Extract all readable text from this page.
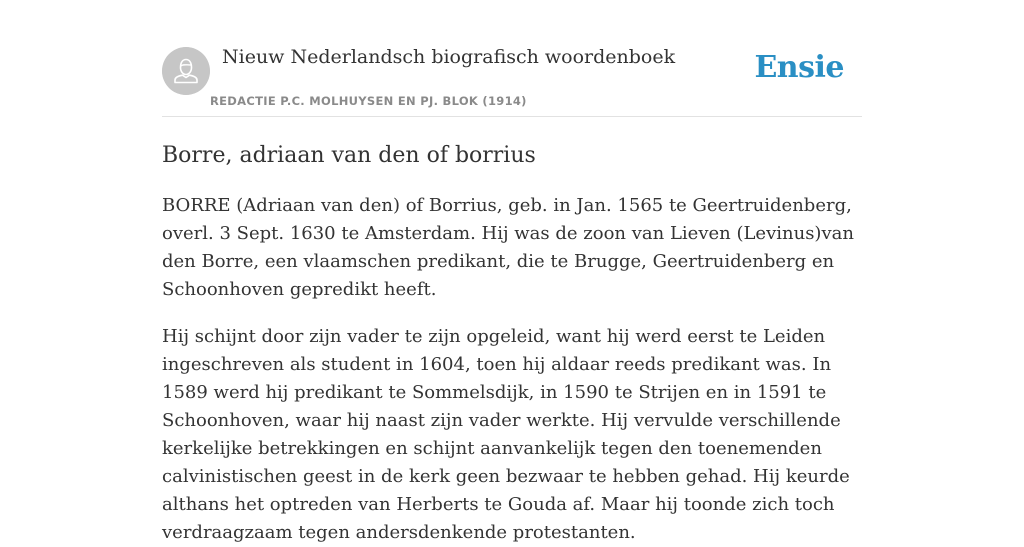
Nieuw Nederlandsch biografisch woordenboek
REDACTIE P.C. MOLHUYSEN EN PJ. BLOK (1914)
Ensie
Borre, adriaan van den of borrius

BORRE (Adriaan van den) of Borrius, geb. in Jan. 1565 te Geertruidenberg, overl. 3 Sept. 1630 te Amsterdam. Hij was de zoon van Lieven (Levinus)van den Borre, een vlaamschen predikant, die te Brugge, Geertruidenberg en Schoonhoven gepredikt heeft.

Hij schijnt door zijn vader te zijn opgeleid, want hij werd eerst te Leiden ingeschreven als student in 1604, toen hij aldaar reeds predikant was. In 1589 werd hij predikant te Sommelsdijk, in 1590 te Strijen en in 1591 te Schoonhoven, waar hij naast zijn vader werkte. Hij vervulde verschillende kerkelijke betrekkingen en schijnt aanvankelijk tegen den toenemenden calvinistischen geest in de kerk geen bezwaar te hebben gehad. Hij keurde althans het optreden van Herberts te Gouda af. Maar hij toonde zich toch verdraagzaam tegen andersdenkende protestanten.
